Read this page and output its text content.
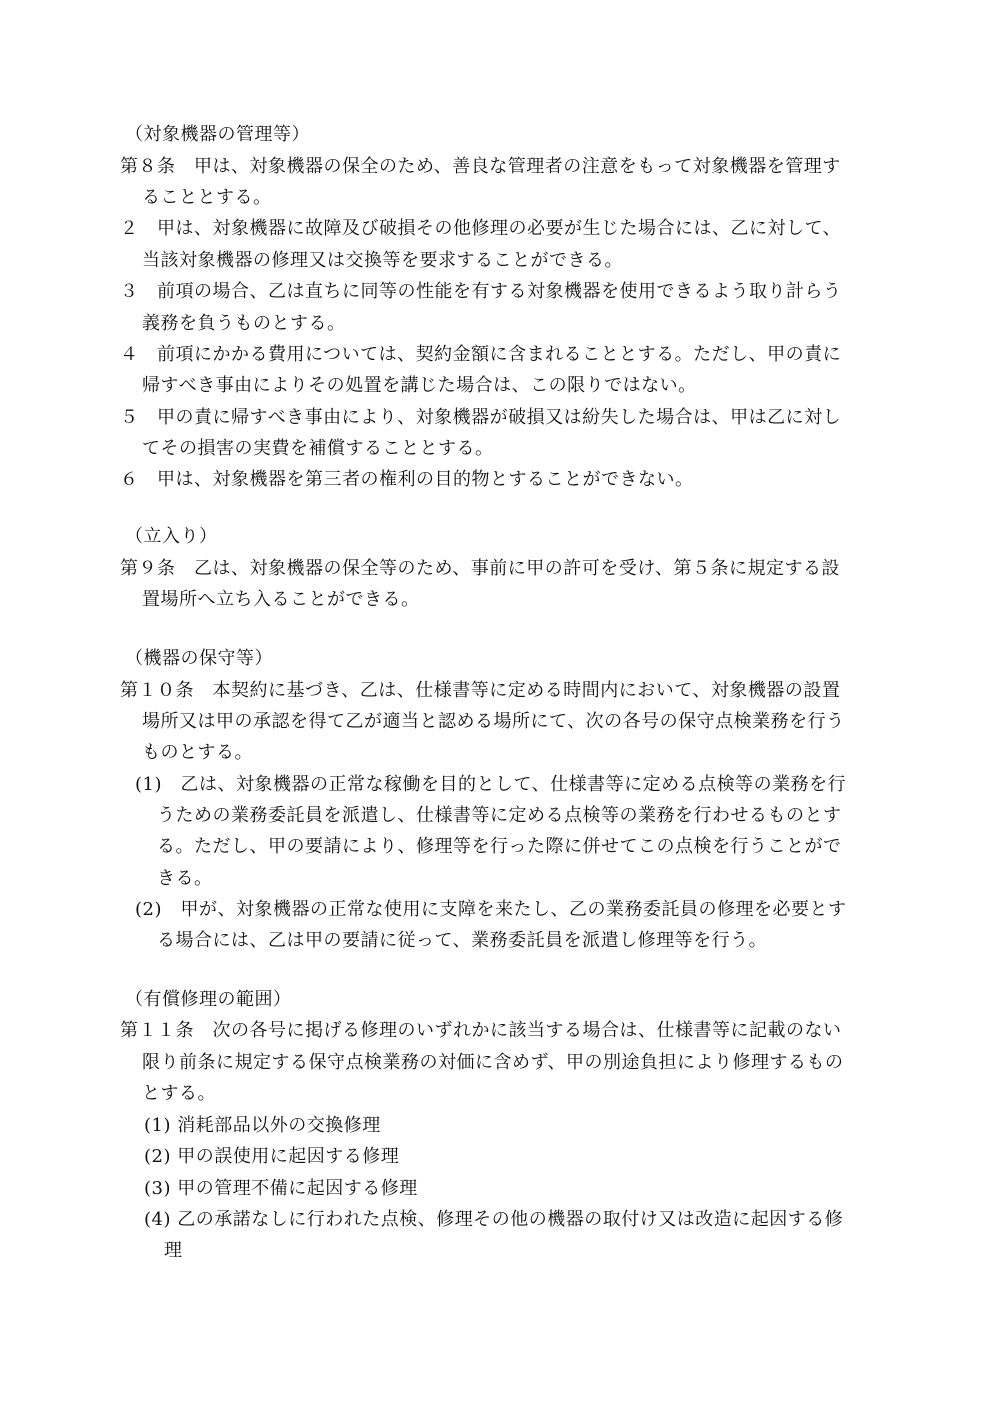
（対象機器の管理等）
第８条　甲は、対象機器の保全のため、善良な管理者の注意をもって対象機器を管理す
ることとする。
２　甲は、対象機器に故障及び破損その他修理の必要が生じた場合には、乙に対して、
当該対象機器の修理又は交換等を要求することができる。
３　前項の場合、乙は直ちに同等の性能を有する対象機器を使用できるよう取り計らう
義務を負うものとする。
４　前項にかかる費用については、契約金額に含まれることとする。ただし、甲の責に
帰すべき事由によりその処置を講じた場合は、この限りではない。
５　甲の責に帰すべき事由により、対象機器が破損又は紛失した場合は、甲は乙に対し
てその損害の実費を補償することとする。
６　甲は、対象機器を第三者の権利の目的物とすることができない。
（立入り）
第９条　乙は、対象機器の保全等のため、事前に甲の許可を受け、第５条に規定する設
置場所へ立ち入ることができる。
（機器の保守等）
第１０条　本契約に基づき、乙は、仕様書等に定める時間内において、対象機器の設置
場所又は甲の承認を得て乙が適当と認める場所にて、次の各号の保守点検業務を行う
ものとする。
(1)　乙は、対象機器の正常な稼働を目的として、仕様書等に定める点検等の業務を行
うための業務委託員を派遣し、仕様書等に定める点検等の業務を行わせるものとす
る。ただし、甲の要請により、修理等を行った際に併せてこの点検を行うことがで
きる。
(2)　甲が、対象機器の正常な使用に支障を来たし、乙の業務委託員の修理を必要とす
る場合には、乙は甲の要請に従って、業務委託員を派遣し修理等を行う。
（有償修理の範囲）
第１１条　次の各号に掲げる修理のいずれかに該当する場合は、仕様書等に記載のない
限り前条に規定する保守点検業務の対価に含めず、甲の別途負担により修理するもの
とする。
(1) 消耗部品以外の交換修理
(2) 甲の誤使用に起因する修理
(3) 甲の管理不備に起因する修理
(4) 乙の承諾なしに行われた点検、修理その他の機器の取付け又は改造に起因する修
理
